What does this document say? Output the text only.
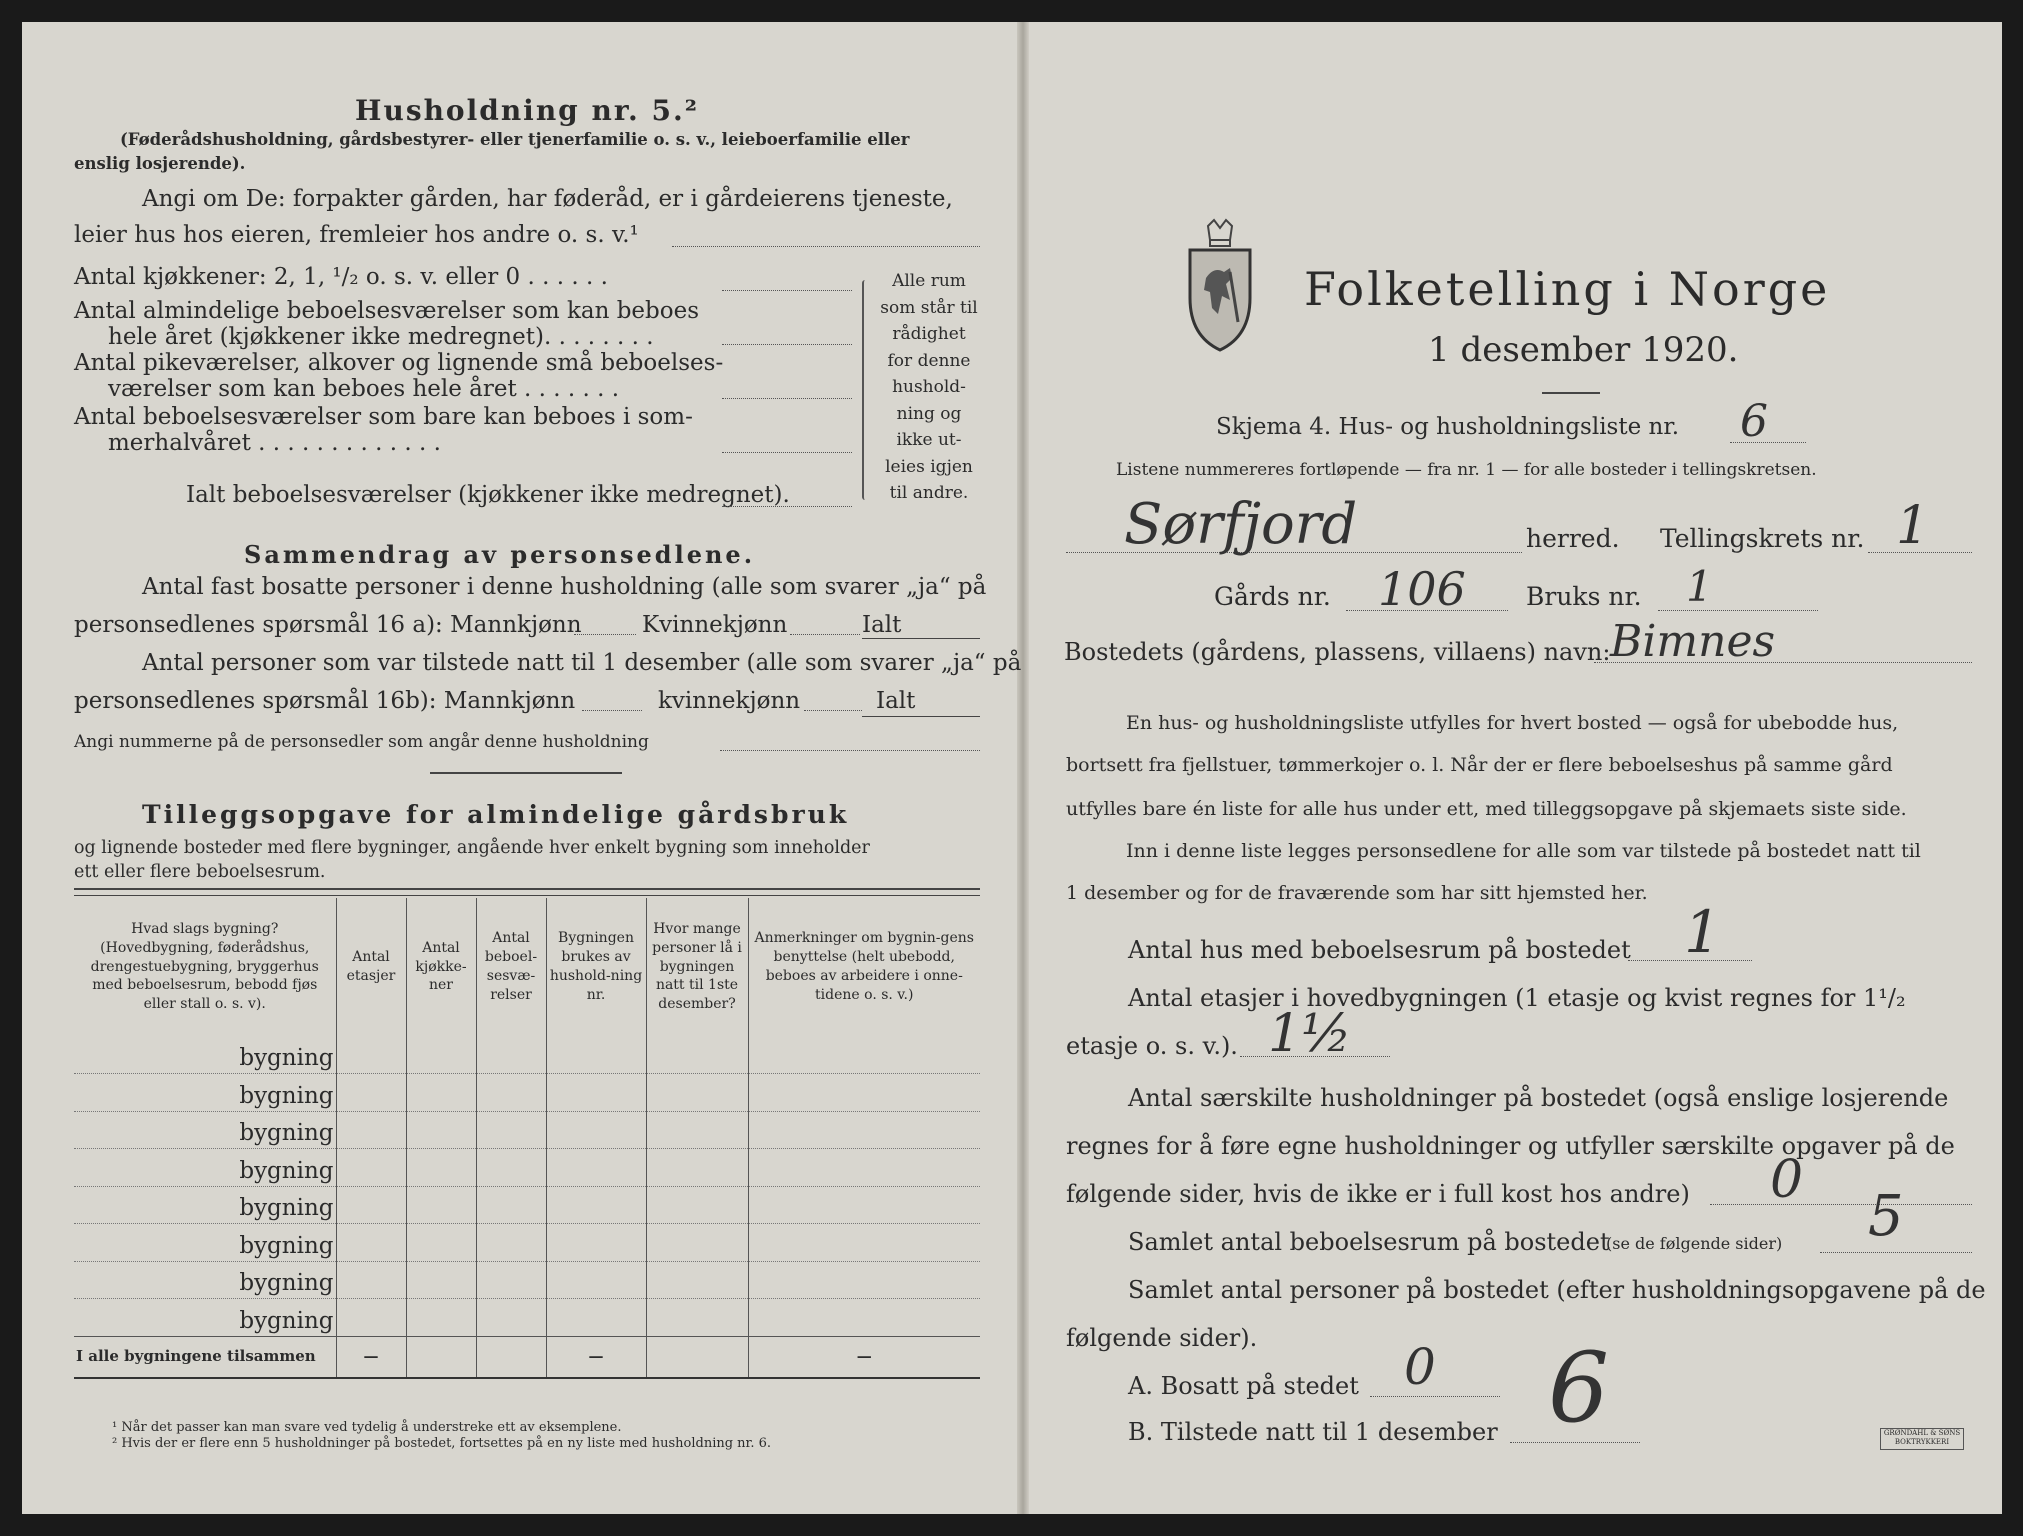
Husholdning nr. 5.²
(Føderådshusholdning, gårdsbestyrer- eller tjenerfamilie o. s. v., leieboerfamilie eller
enslig losjerende).
Angi om De: forpakter gården, har føderåd, er i gårdeierens tjeneste,
leier hus hos eieren, fremleier hos andre o. s. v.¹
Antal kjøkkener: 2, 1, ¹/₂ o. s. v. eller 0 . . . . . .
Antal almindelige beboelsesværelser som kan beboes
hele året (kjøkkener ikke medregnet). . . . . . . .
Antal pikeværelser, alkover og lignende små beboelses-
værelser som kan beboes hele året . . . . . . .
Antal beboelsesværelser som bare kan beboes i som-
merhalvåret . . . . . . . . . . . . .
Ialt beboelsesværelser (kjøkkener ikke medregnet).
Alle rum
som står til
rådighet
for denne
hushold-
ning og
ikke ut-
leies igjen
til andre.
Sammendrag av personsedlene.
Antal fast bosatte personer i denne husholdning (alle som svarer „ja“ på
personsedlenes spørsmål 16 a): Mannkjønn	Kvinnekjønn	Ialt
Antal personer som var tilstede natt til 1 desember (alle som svarer „ja“ på
personsedlenes spørsmål 16b): Mannkjønn	kvinnekjønn	Ialt
Angi nummerne på de personsedler som angår denne husholdning
Tilleggsopgave for almindelige gårdsbruk
og lignende bosteder med flere bygninger, angående hver enkelt bygning som inneholder
ett eller flere beboelsesrum.
Hvad slags bygning? (Hovedbygning, føderådshus, drengestuebygning, bryggerhus med beboelsesrum, bebodd fjøs eller stall o. s. v).	Antal etasjer	Antal kjøkke-ner	Antal beboel-sesvæ-relser	Bygningen brukes av hushold-ning nr.	Hvor mange personer lå i bygningen natt til 1ste desember?	Anmerkninger om bygnin-gens benyttelse (helt ubebodd, beboes av arbeidere i onne-tidene o. s. v.)

bygning						
bygning						
bygning						
bygning						
bygning						
bygning						
bygning						
bygning						
I alle bygningene tilsammen	—			—		—
¹ Når det passer kan man svare ved tydelig å understreke ett av eksemplene.
² Hvis der er flere enn 5 husholdninger på bostedet, fortsettes på en ny liste med husholdning nr. 6.
Folketelling i Norge
1 desember 1920.
Skjema 4. Hus- og husholdningsliste nr. 6
Listene nummereres fortløpende — fra nr. 1 — for alle bosteder i tellingskretsen.
Sørfjord	herred. Tellingskrets nr. 1
Gårds nr. 106 Bruks nr. 1
Bostedets (gårdens, plassens, villaens) navn: Bimnes
En hus- og husholdningsliste utfylles for hvert bosted — også for ubebodde hus,
bortsett fra fjellstuer, tømmerkojer o. l. Når der er flere beboelseshus på samme gård
utfylles bare én liste for alle hus under ett, med tilleggsopgave på skjemaets siste side.
Inn i denne liste legges personsedlene for alle som var tilstede på bostedet natt til
1 desember og for de fraværende som har sitt hjemsted her.
Antal hus med beboelsesrum på bostedet 1
Antal etasjer i hovedbygningen (1 etasje og kvist regnes for 1¹/₂
etasje o. s. v.). 1½
Antal særskilte husholdninger på bostedet (også enslige losjerende
regnes for å føre egne husholdninger og utfyller særskilte opgaver på de
følgende sider, hvis de ikke er i full kost hos andre) 0
Samlet antal beboelsesrum på bostedet
(se de følgende sider) 5
Samlet antal personer på bostedet (efter husholdningsopgavene på de
følgende sider).
A. Bosatt på stedet 0
B. Tilstede natt til 1 desember 6	GRØNDAHL & SØNS BOKTRYKKERI
